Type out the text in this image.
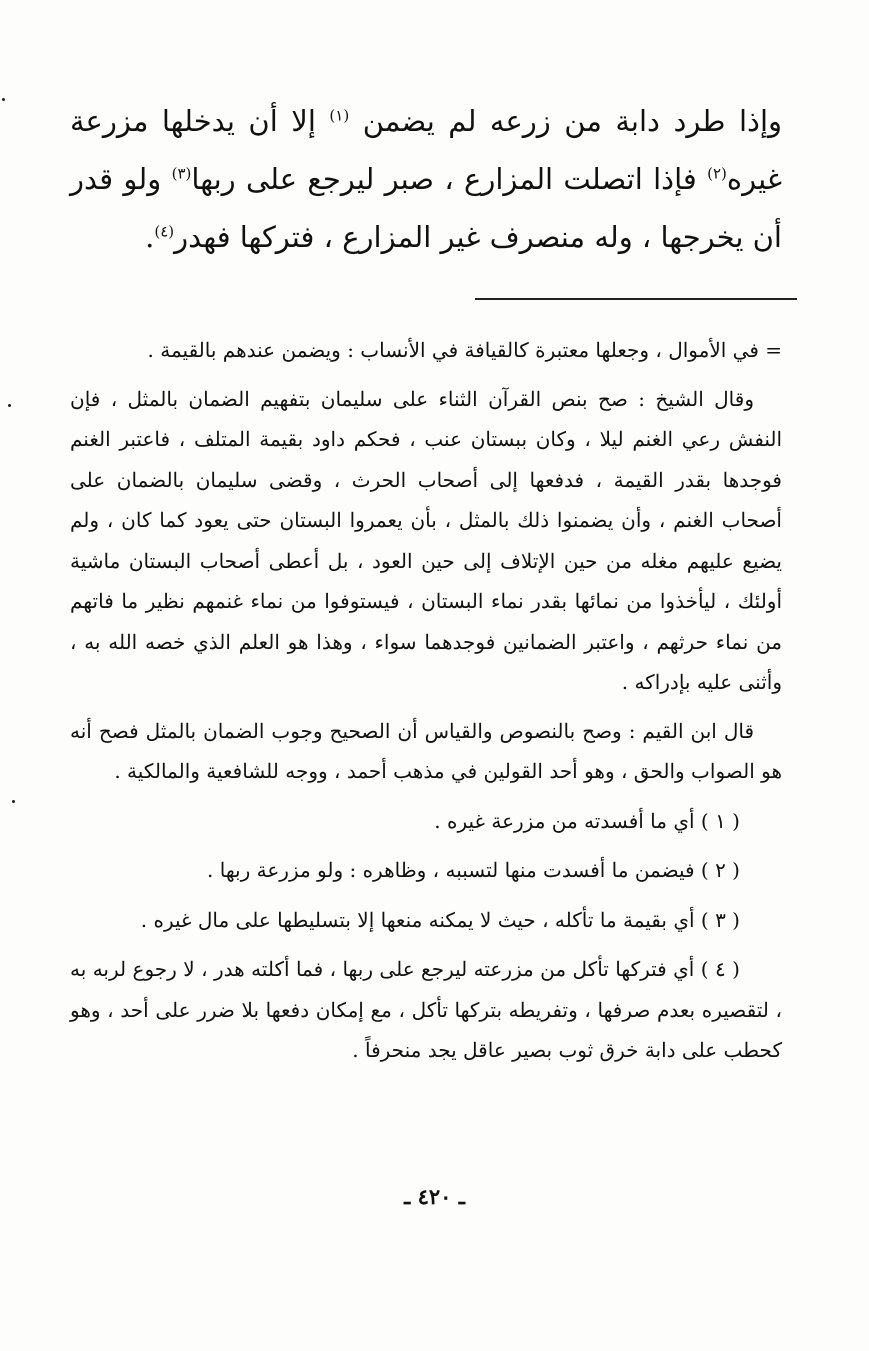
وإذا طرد دابة من زرعه لم يضمن $^{(١)}$ إلا أن يدخلها مزرعة غيره$^{(٢)}$ فإذا اتصلت المزارع ، صبر ليرجع على ربها$^{(٣)}$ ولو قدر أن يخرجها ، وله منصرف غير المزارع ، فتركها فهدر$^{(٤)}$.

= في الأموال ، وجعلها معتبرة كالقيافة في الأنساب : ويضمن عندهم بالقيمة .

وقال الشيخ : صح بنص القرآن الثناء على سليمان بتفهيم الضمان بالمثل ، فإن النفش رعي الغنم ليلا ، وكان ببستان عنب ، فحكم داود بقيمة المتلف ، فاعتبر الغنم فوجدها بقدر القيمة ، فدفعها إلى أصحاب الحرث ، وقضى سليمان بالضمان على أصحاب الغنم ، وأن يضمنوا ذلك بالمثل ، بأن يعمروا البستان حتى يعود كما كان ، ولم يضيع عليهم مغله من حين الإتلاف إلى حين العود ، بل أعطى أصحاب البستان ماشية أولئك ، ليأخذوا من نمائها بقدر نماء البستان ، فيستوفوا من نماء غنمهم نظير ما فاتهم من نماء حرثهم ، واعتبر الضمانين فوجدهما سواء ، وهذا هو العلم الذي خصه الله به ، وأثنى عليه بإدراكه .

قال ابن القيم : وصح بالنصوص والقياس أن الصحيح وجوب الضمان بالمثل فصح أنه هو الصواب والحق ، وهو أحد القولين في مذهب أحمد ، ووجه للشافعية والمالكية .

( ١ ) أي ما أفسدته من مزرعة غيره .

( ٢ ) فيضمن ما أفسدت منها لتسببه ، وظاهره : ولو مزرعة ربها .

( ٣ ) أي بقيمة ما تأكله ، حيث لا يمكنه منعها إلا بتسليطها على مال غيره .

( ٤ ) أي فتركها تأكل من مزرعته ليرجع على ربها ، فما أكلته هدر ، لا رجوع لربه به ، لتقصيره بعدم صرفها ، وتفريطه بتركها تأكل ، مع إمكان دفعها بلا ضرر على أحد ، وهو كحطب على دابة خرق ثوب بصير عاقل يجد منحرفاً .

ـ ٤٢٠ ـ
